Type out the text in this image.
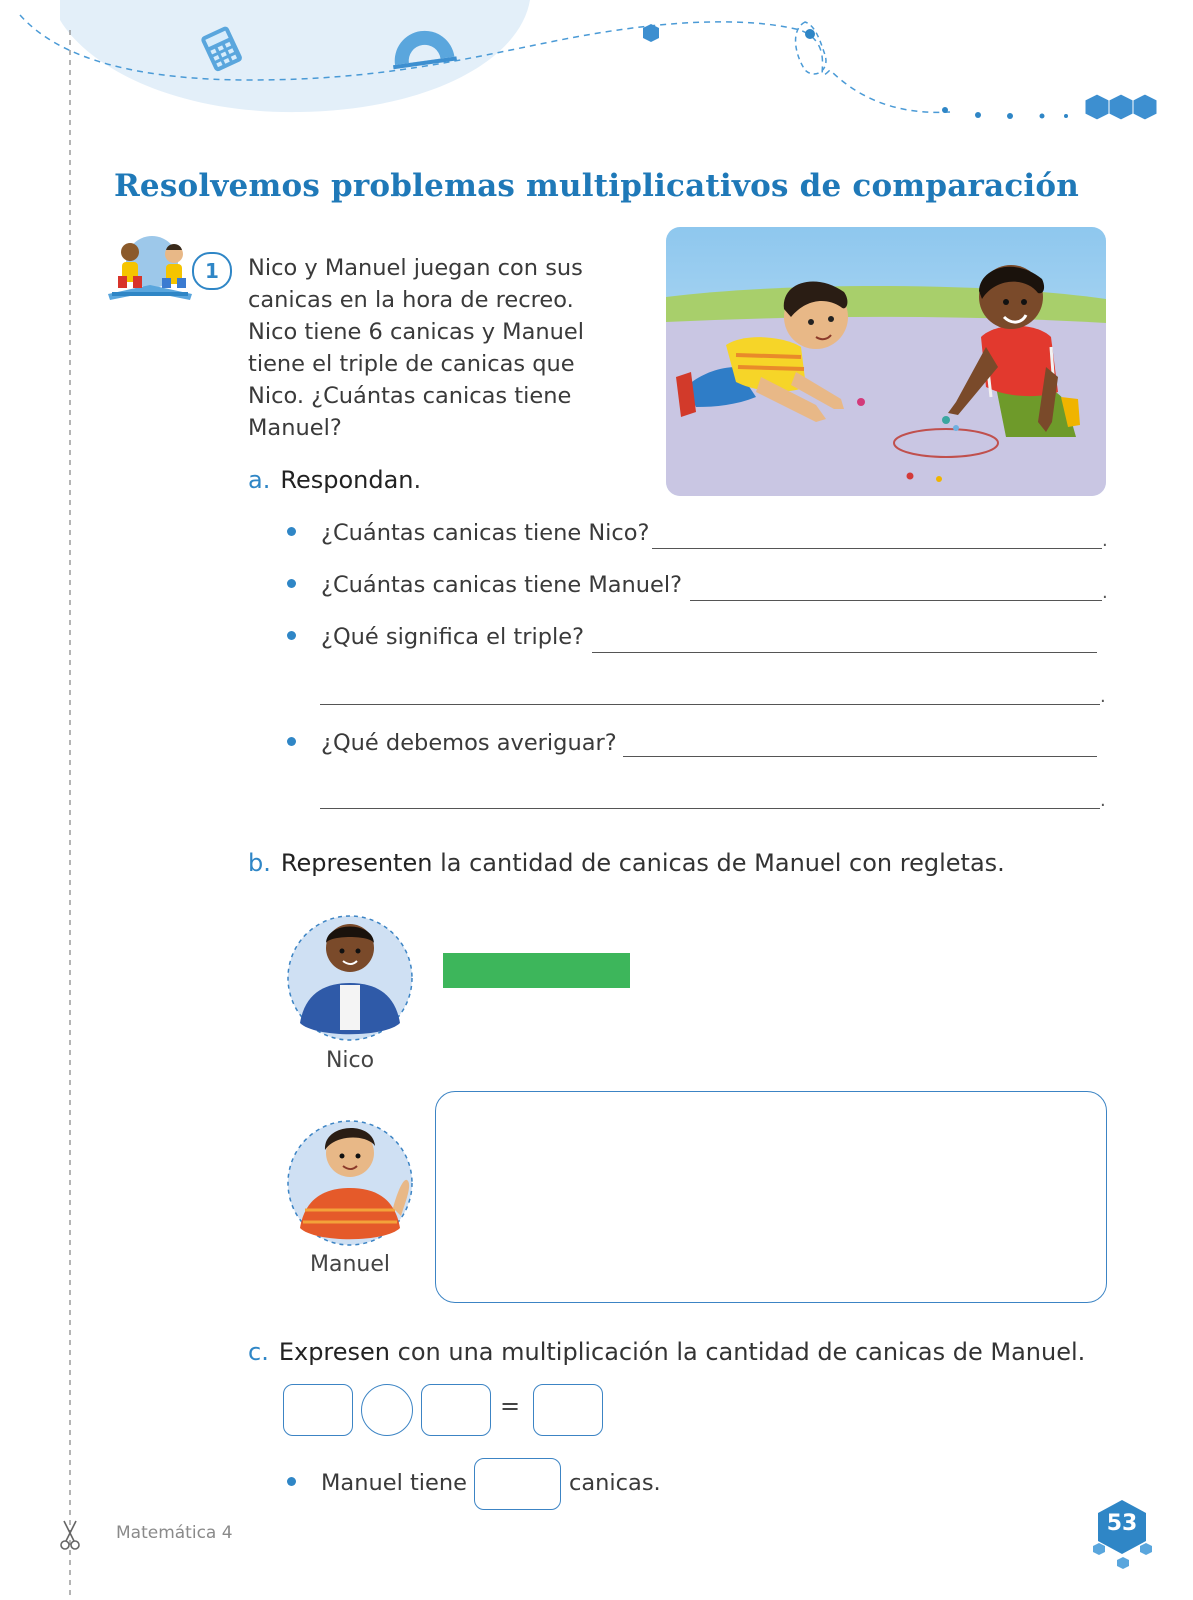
53
Resolvemos problemas multiplicativos de comparación
1	Nico y Manuel juegan con sus canicas en la hora de recreo. Nico tiene 6 canicas y Manuel tiene el triple de canicas que Nico. ¿Cuántas canicas tiene Manuel?
a. Respondan.
¿Cuántas canicas tiene Nico?	.
¿Cuántas canicas tiene Manuel?	.
¿Qué significa el triple?
.
¿Qué debemos averiguar?
.
b. Representen la cantidad de canicas de Manuel con regletas.
Nico
Manuel
c. Expresen con una multiplicación la cantidad de canicas de Manuel.
=
Manuel tiene	canicas.
Matemática 4
